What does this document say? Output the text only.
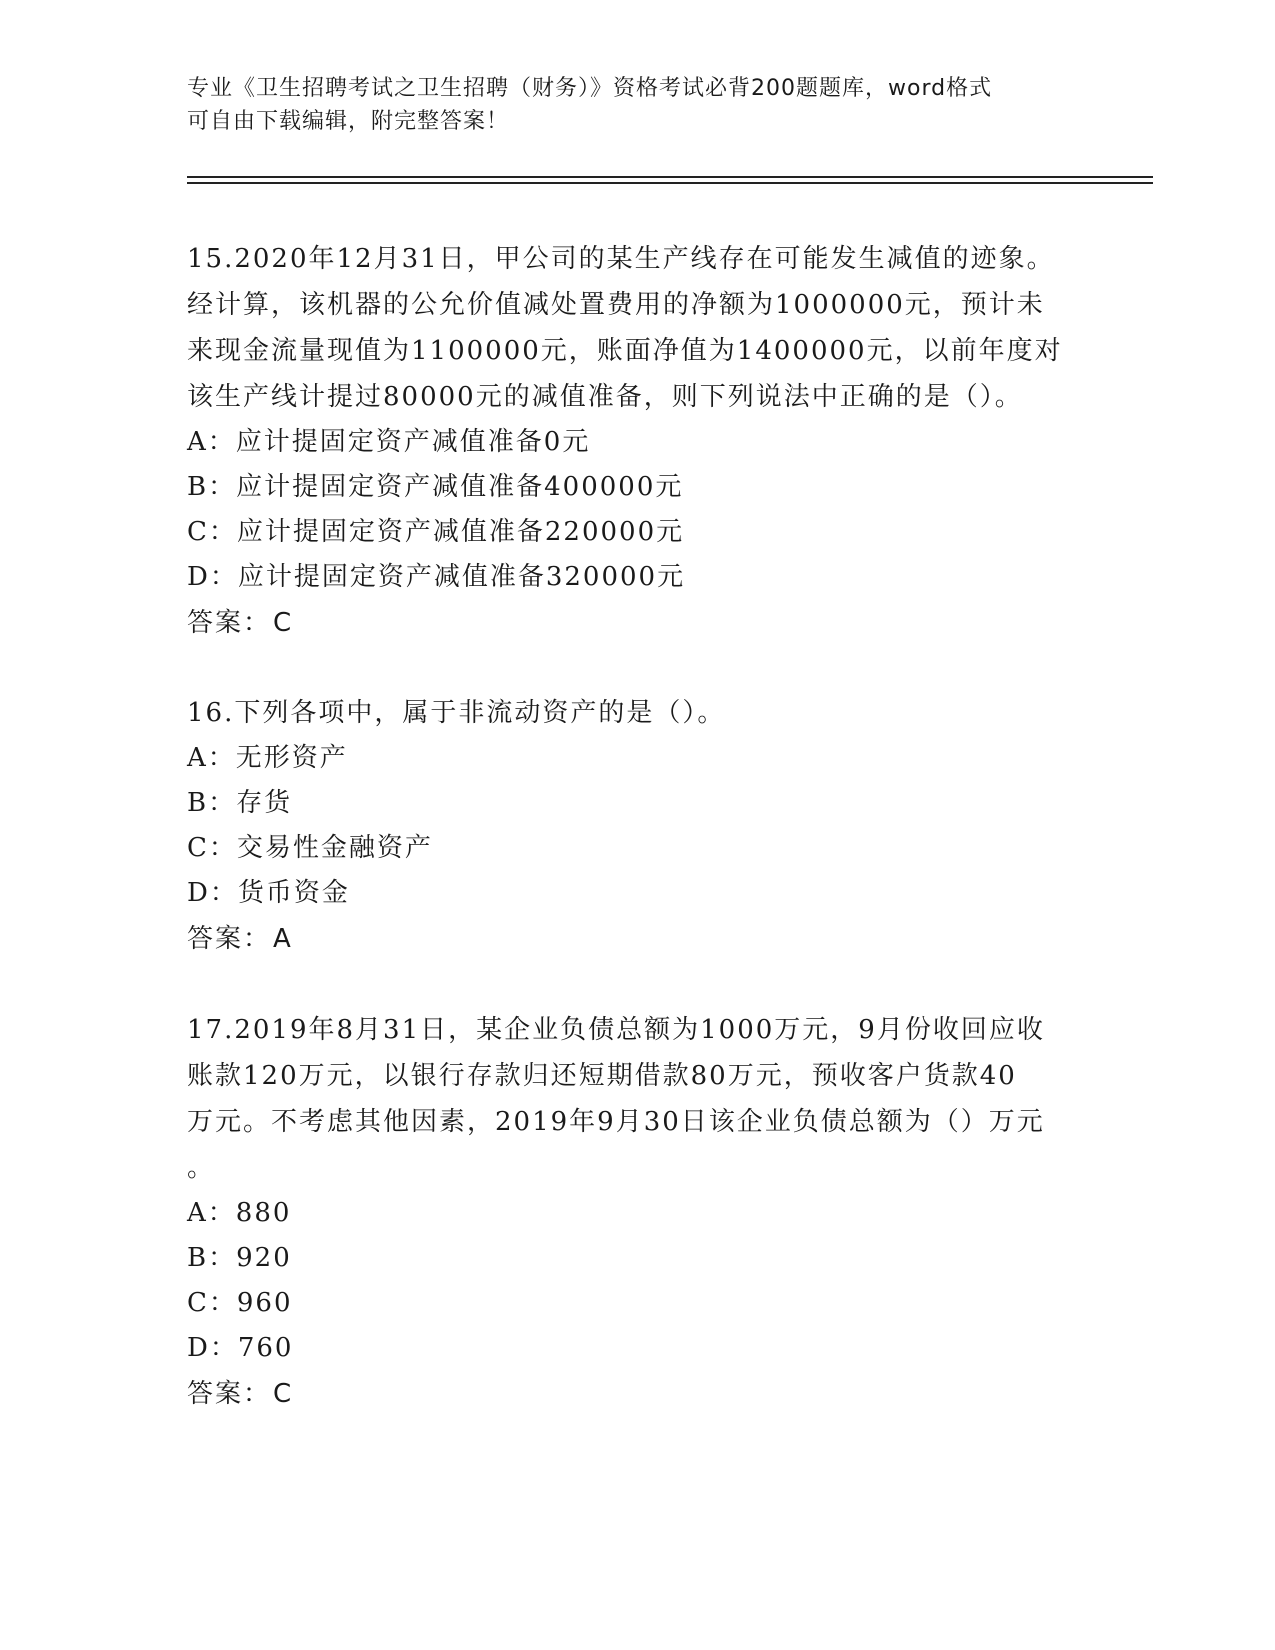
专业《卫生招聘考试之卫生招聘（财务）》资格考试必背200题题库，word格式
可自由下载编辑，附完整答案！
15.2020年12月31日，甲公司的某生产线存在可能发生减值的迹象。
经计算，该机器的公允价值减处置费用的净额为1000000元，预计未
来现金流量现值为1100000元，账面净值为1400000元，以前年度对
该生产线计提过80000元的减值准备，则下列说法中正确的是（）。
A：应计提固定资产减值准备0元
B：应计提固定资产减值准备400000元
C：应计提固定资产减值准备220000元
D：应计提固定资产减值准备320000元
答案：C
16.下列各项中，属于非流动资产的是（）。
A：无形资产
B：存货
C：交易性金融资产
D：货币资金
答案：A
17.2019年8月31日，某企业负债总额为1000万元，9月份收回应收
账款120万元，以银行存款归还短期借款80万元，预收客户货款40
万元。不考虑其他因素，2019年9月30日该企业负债总额为（）万元
。
A：880
B：920
C：960
D：760
答案：C
